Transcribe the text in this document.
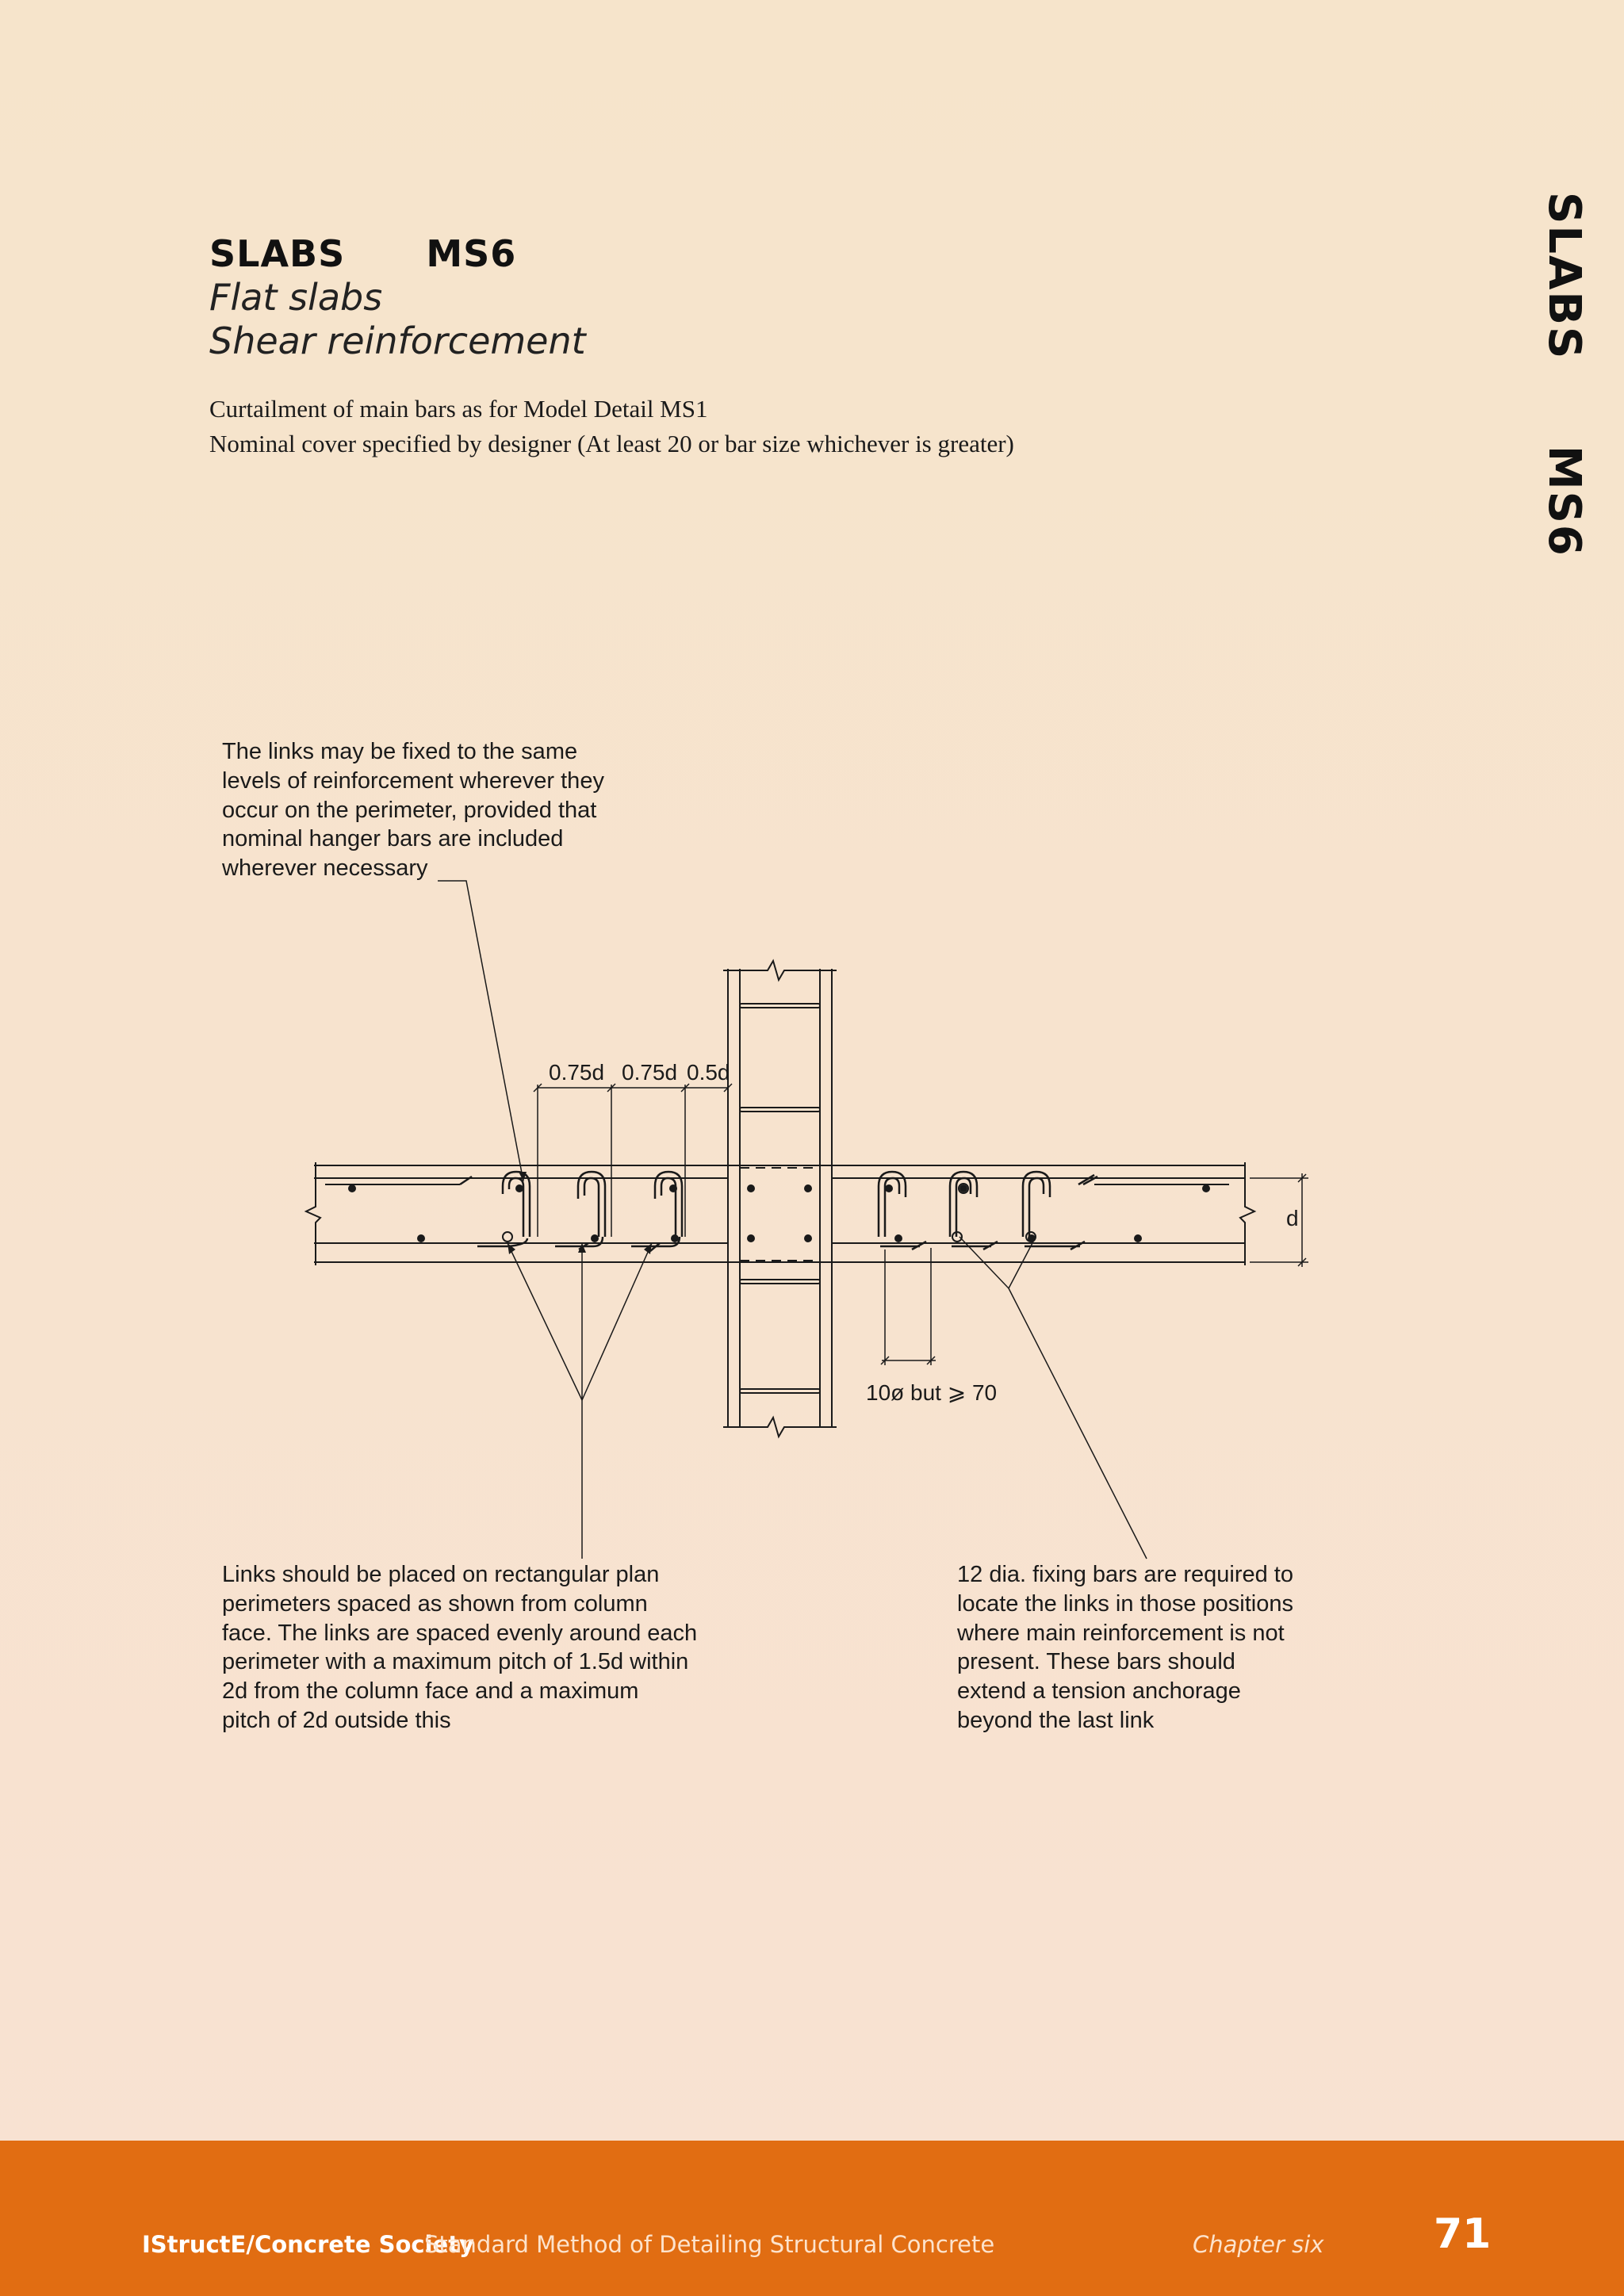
SLABS MS6
Flat slabs
Shear reinforcement
Curtailment of main bars as for Model Detail MS1
Nominal cover specified by designer (At least 20 or bar size whichever is greater)
SLABS     MS6
0.75d 0.75d 0.5d
d
10ø but ⩾ 70
The links may be fixed to the same
levels of reinforcement wherever they
occur on the perimeter, provided that
nominal hanger bars are included
wherever necessary
Links should be placed on rectangular plan
perimeters spaced as shown from column
face. The links are spaced evenly around each
perimeter with a maximum pitch of 1.5d within
2d from the column face and a maximum
pitch of 2d outside this
12 dia. fixing bars are required to
locate the links in those positions
where main reinforcement is not
present. These bars should
extend a tension anchorage
beyond the last link
IStructE/Concrete Society
Standard Method of Detailing Structural Concrete	Chapter six	71
